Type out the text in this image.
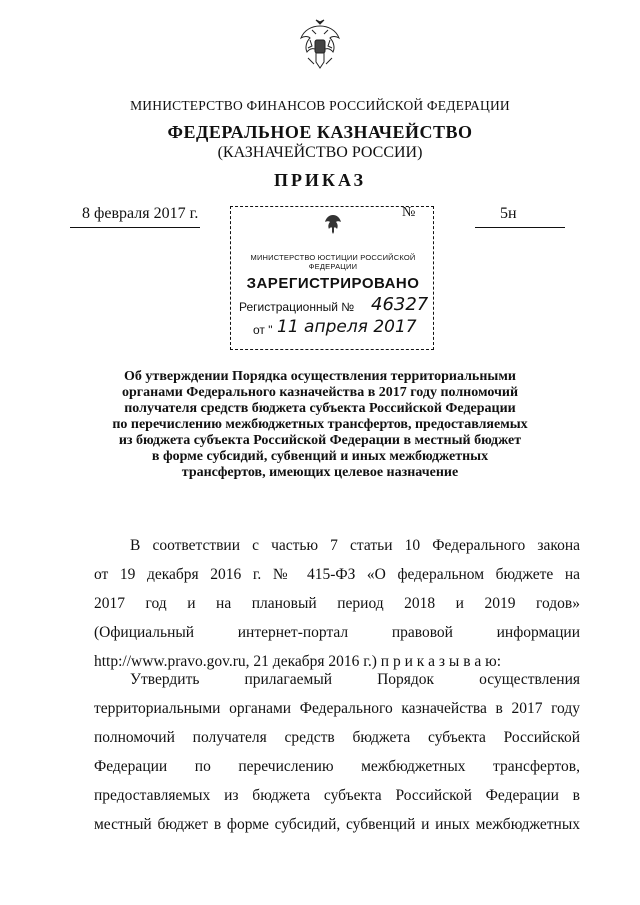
МИНИСТЕРСТВО ФИНАНСОВ РОССИЙСКОЙ ФЕДЕРАЦИИ
ФЕДЕРАЛЬНОЕ КАЗНАЧЕЙСТВО
(КАЗНАЧЕЙСТВО РОССИИ)
ПРИКАЗ
8 февраля 2017 г.	№	5н
МИНИСТЕРСТВО ЮСТИЦИИ РОССИЙСКОЙ ФЕДЕРАЦИИ
ЗАРЕГИСТРИРОВАНО
Регистрационный № 46327
от " 11 апреля 2017
Об утверждении Порядка осуществления территориальными
органами Федерального казначейства в 2017 году полномочий
получателя средств бюджета субъекта Российской Федерации
по перечислению межбюджетных трансфертов, предоставляемых
из бюджета субъекта Российской Федерации в местный бюджет
в форме субсидий, субвенций и иных межбюджетных
трансфертов, имеющих целевое назначение
В соответствии с частью 7 статьи 10 Федерального закона
от 19 декабря 2016 г. № 415-ФЗ «О федеральном бюджете на
2017 год и на плановый период 2018 и 2019 годов»
(Официальный интернет-портал правовой информации
http://www.pravo.gov.ru, 21 декабря 2016 г.) п р и к а з ы в а ю:
Утвердить прилагаемый Порядок осуществления
территориальными органами Федерального казначейства в 2017 году
полномочий получателя средств бюджета субъекта Российской
Федерации по перечислению межбюджетных трансфертов,
предоставляемых из бюджета субъекта Российской Федерации в
местный бюджет в форме субсидий, субвенций и иных межбюджетных
